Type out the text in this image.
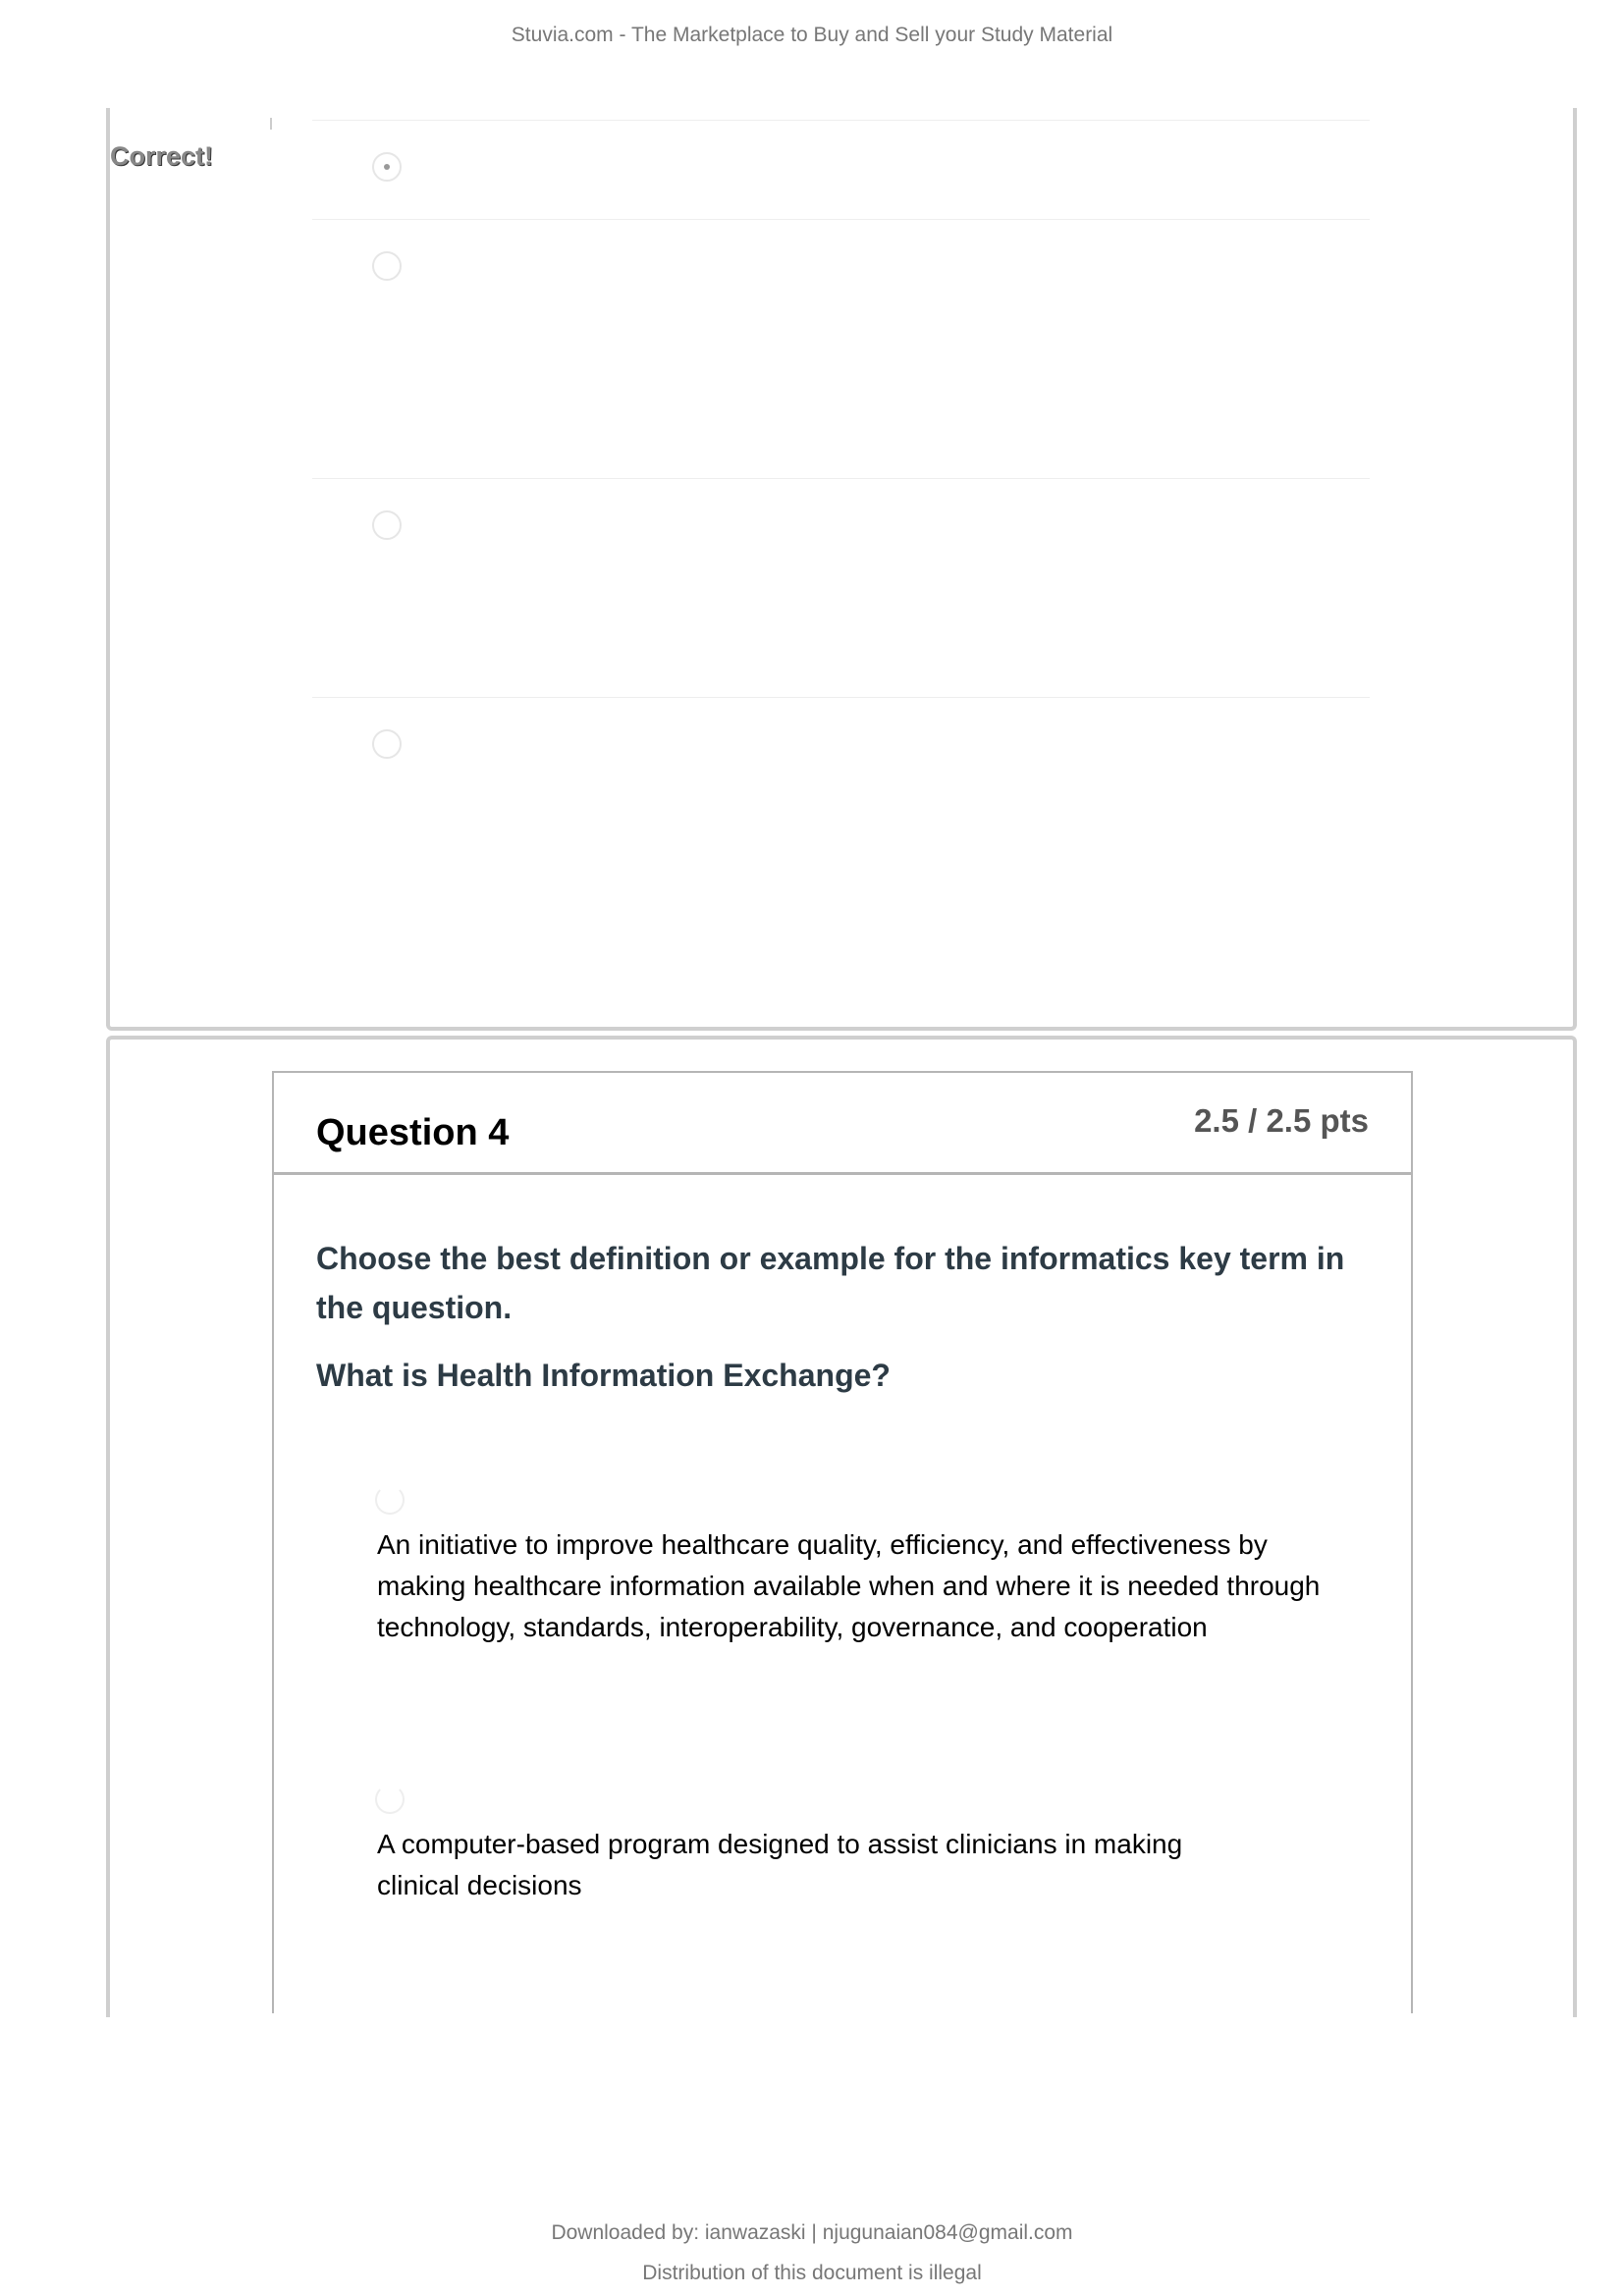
Stuvia.com - The Marketplace to Buy and Sell your Study Material
Correct!
Question 4	2.5 / 2.5 pts
Choose the best definition or example for the informatics key term in the question.
What is Health Information Exchange?
An initiative to improve healthcare quality, efficiency, and effectiveness by making healthcare information available when and where it is needed through technology, standards, interoperability, governance, and cooperation
A computer-based program designed to assist clinicians in making clinical decisions
Downloaded by: ianwazaski | njugunaian084@gmail.com
Distribution of this document is illegal
